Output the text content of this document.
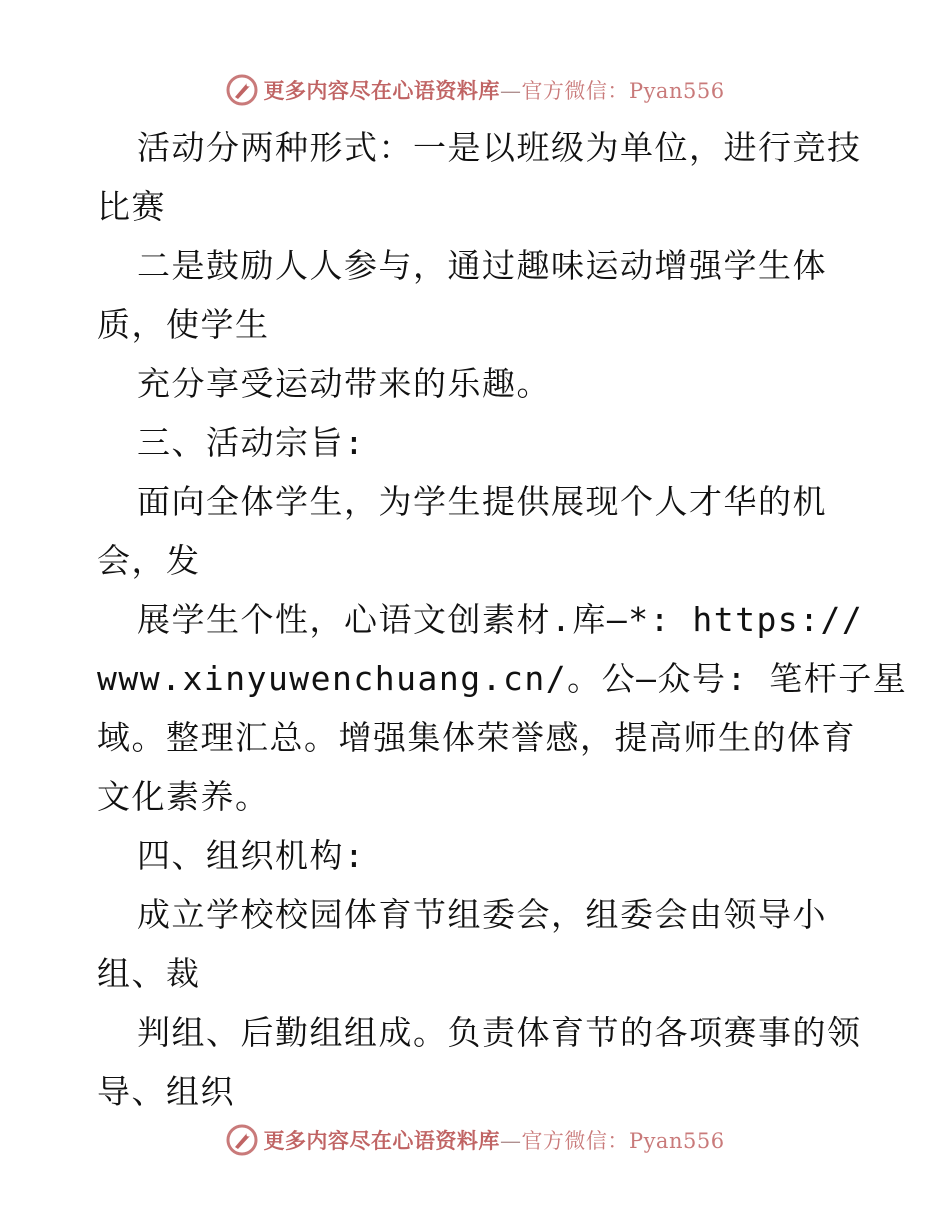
更多内容尽在心语资料库—官方微信：Pyan556
活动分两种形式：一是以班级为单位，进行竞技
比赛
二是鼓励人人参与，通过趣味运动增强学生体
质，使学生
充分享受运动带来的乐趣。
三、活动宗旨:
面向全体学生，为学生提供展现个人才华的机
会，发
展学生个性，心语文创素材.库—*: https://
www.xinyuwenchuang.cn/。公—众号: 笔杆子星
域。整理汇总。增强集体荣誉感，提高师生的体育
文化素养。
四、组织机构:
成立学校校园体育节组委会，组委会由领导小
组、裁
判组、后勤组组成。负责体育节的各项赛事的领
导、组织
更多内容尽在心语资料库—官方微信：Pyan556
